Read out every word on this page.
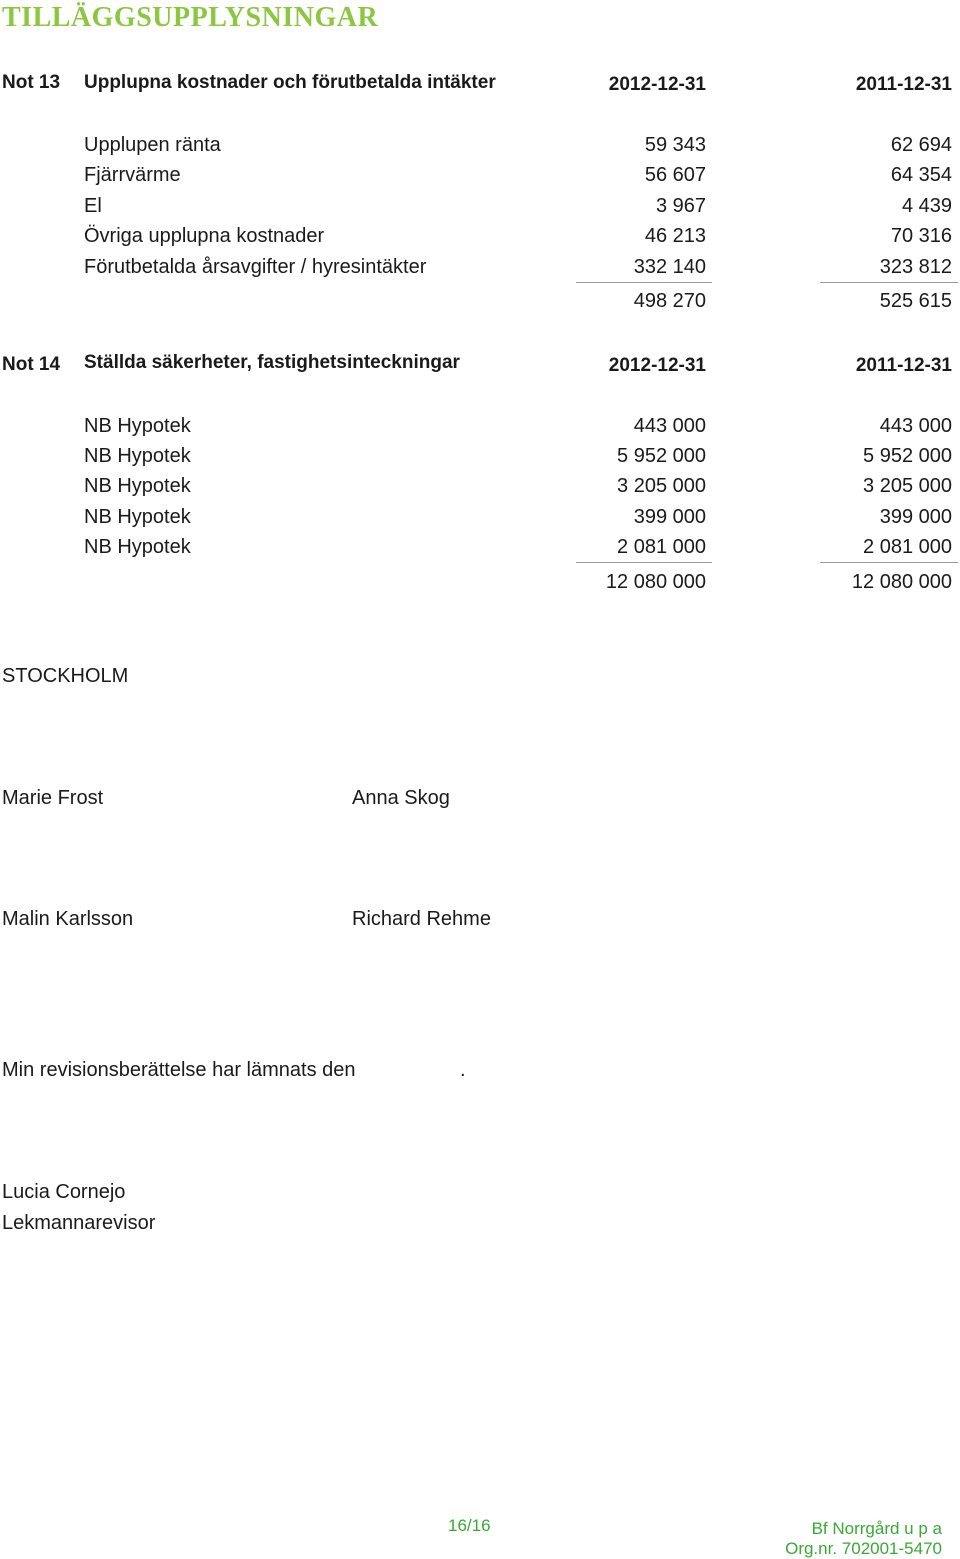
TILLÄGGSUPPLYSNINGAR
Not 13 Upplupna kostnader och förutbetalda intäkter	2012-12-31	2011-12-31
Upplupen ränta	59 343	62 694
Fjärrvärme	56 607	64 354
El	3 967	4 439
Övriga upplupna kostnader	46 213	70 316
Förutbetalda årsavgifter / hyresintäkter	332 140	323 812
498 270	525 615
Not 14 Ställda säkerheter, fastighetsinteckningar	2012-12-31	2011-12-31
NB Hypotek	443 000	443 000
NB Hypotek	5 952 000	5 952 000
NB Hypotek	3 205 000	3 205 000
NB Hypotek	399 000	399 000
NB Hypotek	2 081 000	2 081 000
12 080 000	12 080 000
STOCKHOLM
Marie Frost	Anna Skog
Malin Karlsson	Richard Rehme
Min revisionsberättelse har lämnats den	.
Lucia Cornejo
Lekmannarevisor
16/16	Bf Norrgård u p a
Org.nr. 702001-5470
